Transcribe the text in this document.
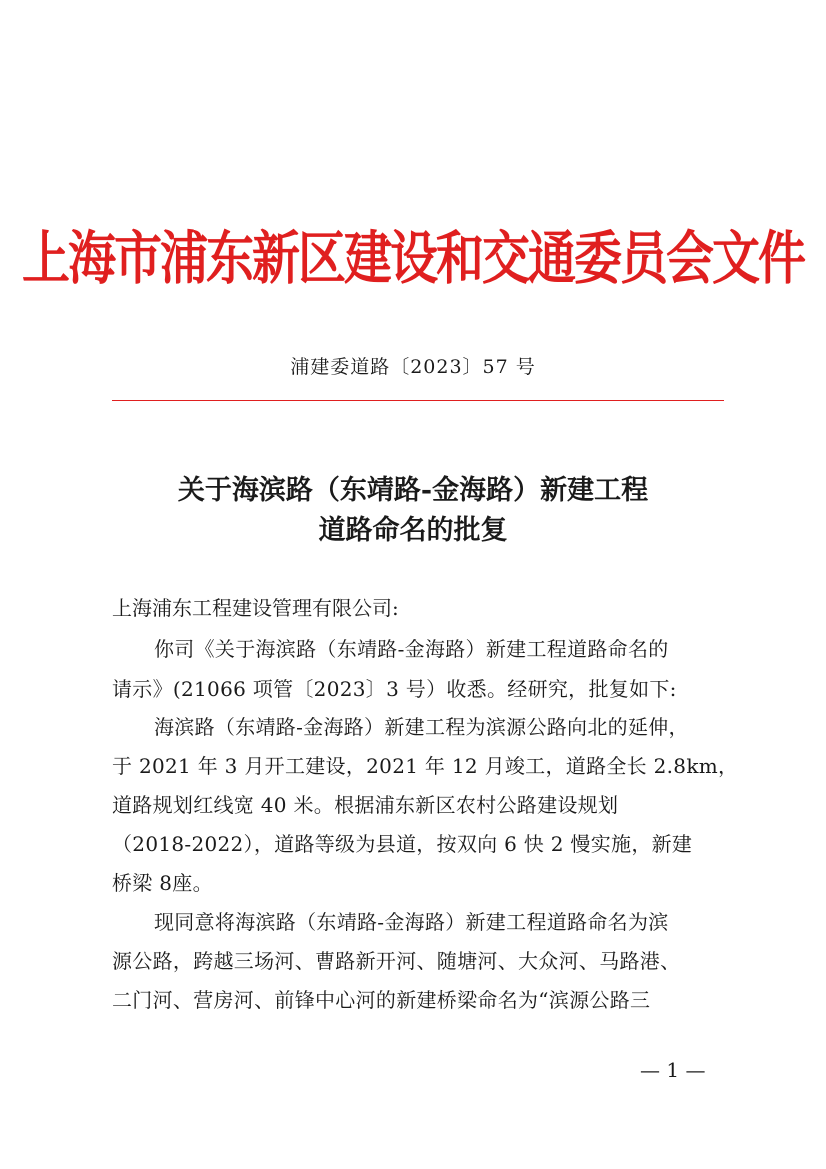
上海市浦东新区建设和交通委员会文件
浦建委道路〔2023〕57 号
关于海滨路（东靖路-金海路）新建工程
道路命名的批复
上海浦东工程建设管理有限公司:
你司《关于海滨路（东靖路-金海路）新建工程道路命名的
请示》(21066 项管〔2023〕3 号）收悉。经研究，批复如下:
海滨路（东靖路-金海路）新建工程为滨源公路向北的延伸，
于 2021 年 3 月开工建设，2021 年 12 月竣工，道路全长 2.8km，
道路规划红线宽 40 米。根据浦东新区农村公路建设规划
（2018-2022），道路等级为县道，按双向 6 快 2 慢实施，新建
桥梁 8座。
现同意将海滨路（东靖路-金海路）新建工程道路命名为滨
源公路，跨越三场河、曹路新开河、随塘河、大众河、马路港、
二门河、营房河、前锋中心河的新建桥梁命名为“滨源公路三
— 1 —
